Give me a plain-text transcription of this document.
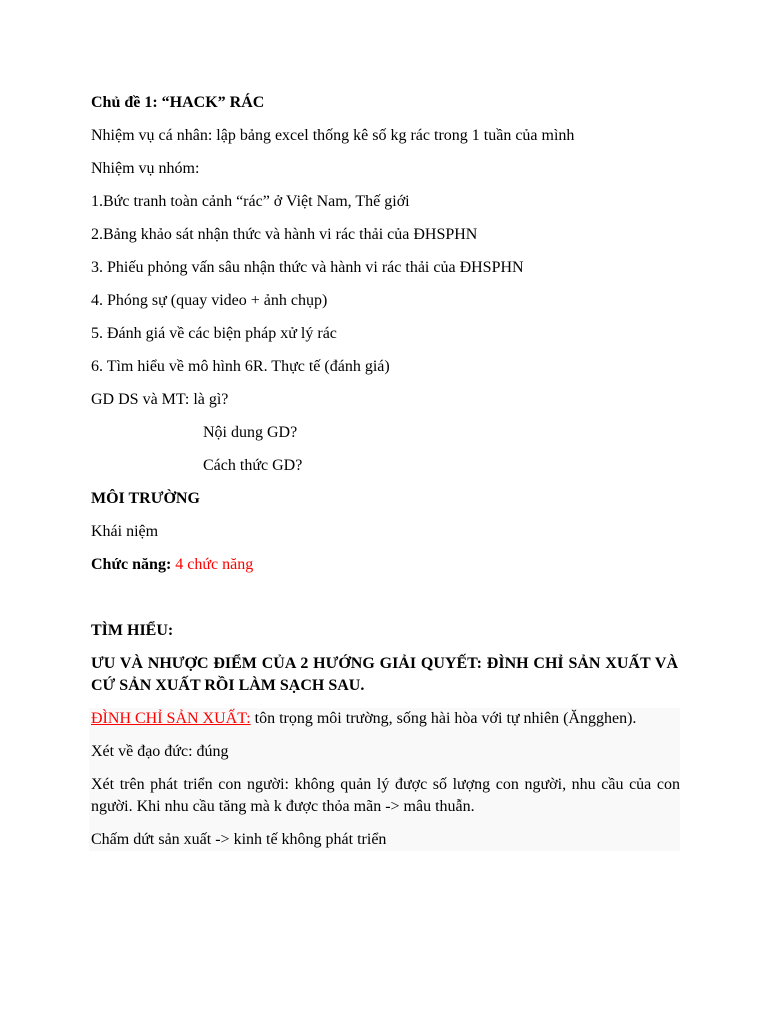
Chủ đề 1: “HACK” RÁC
Nhiệm vụ cá nhân: lập bảng excel thống kê số kg rác trong 1 tuần của mình
Nhiệm vụ nhóm:
1.Bức tranh toàn cảnh “rác” ở Việt Nam, Thế giới
2.Bảng khảo sát nhận thức và hành vi rác thải của ĐHSPHN
3. Phiếu phỏng vấn sâu nhận thức và hành vi rác thải của ĐHSPHN
4. Phóng sự (quay video + ảnh chụp)
5. Đánh giá về các biện pháp xử lý rác
6. Tìm hiểu về mô hình 6R. Thực tế (đánh giá)
GD DS và MT: là gì?
Nội dung GD?
Cách thức GD?
MÔI TRƯỜNG
Khái niệm
Chức năng: 4 chức năng
TÌM HIỂU:
ƯU VÀ NHƯỢC ĐIỂM CỦA 2 HƯỚNG GIẢI QUYẾT: ĐÌNH CHỈ SẢN XUẤT VÀ CỨ SẢN XUẤT RỒI LÀM SẠCH SAU.
ĐÌNH CHỈ SẢN XUẤT: tôn trọng môi trường, sống hài hòa với tự nhiên (Ăngghen).
Xét về đạo đức: đúng
Xét trên phát triển con người: không quản lý được số lượng con người, nhu cầu của con người. Khi nhu cầu tăng mà k được thỏa mãn -> mâu thuẫn.
Chấm dứt sản xuất -> kinh tế không phát triển
